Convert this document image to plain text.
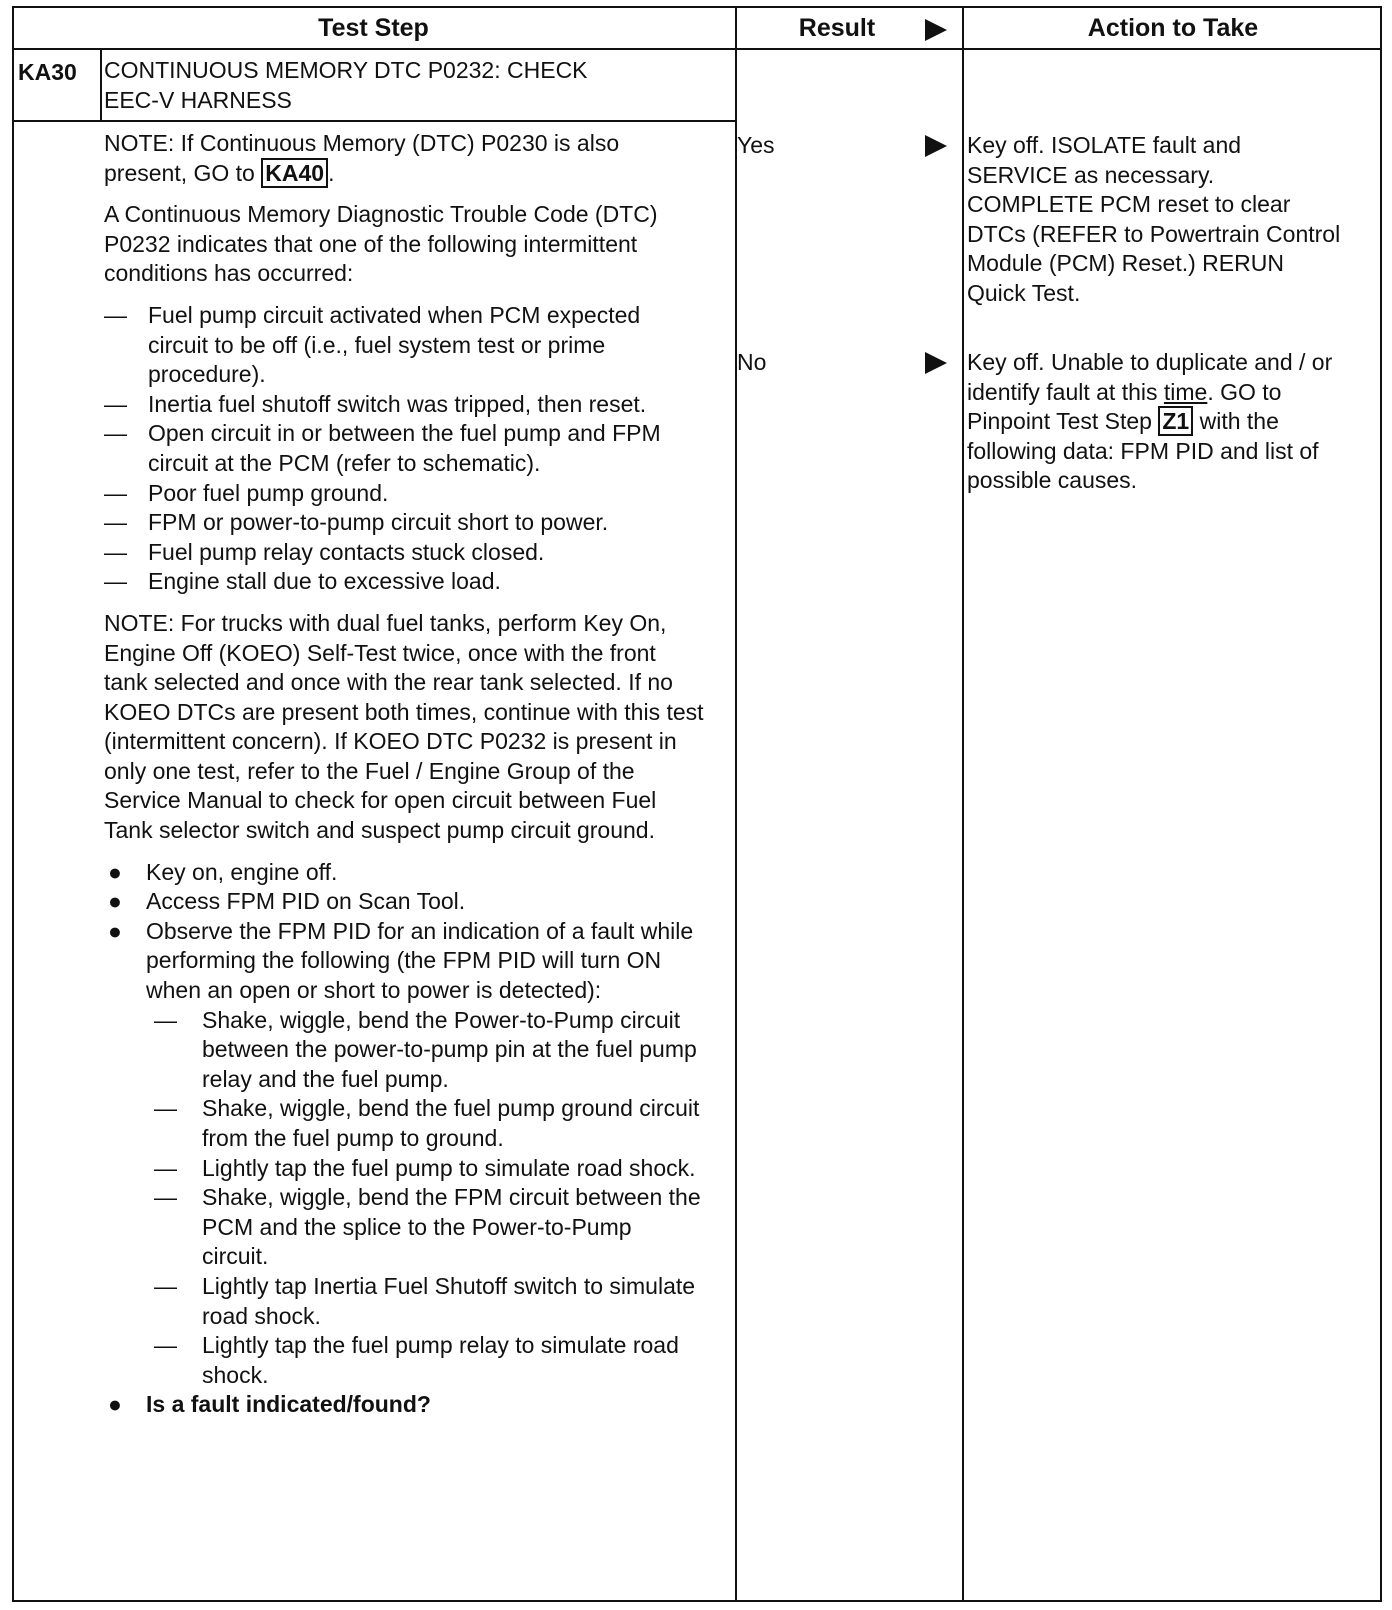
Test Step	Result	Action to Take
KA30 CONTINUOUS MEMORY DTC P0232: CHECK
EEC-V HARNESS

NOTE: If Continuous Memory (DTC) P0230 is also present, GO to KA40 .

A Continuous Memory Diagnostic Trouble Code (DTC) P0232 indicates that one of the following intermittent conditions has occurred:

— Fuel pump circuit activated when PCM expected circuit to be off (i.e., fuel system test or prime procedure).
— Inertia fuel shutoff switch was tripped, then reset.
— Open circuit in or between the fuel pump and FPM circuit at the PCM (refer to schematic).
— Poor fuel pump ground.
— FPM or power-to-pump circuit short to power.
— Fuel pump relay contacts stuck closed.
— Engine stall due to excessive load.

NOTE: For trucks with dual fuel tanks, perform Key On, Engine Off (KOEO) Self-Test twice, once with the front tank selected and once with the rear tank selected. If no KOEO DTCs are present both times, continue with this test (intermittent concern). If KOEO DTC P0232 is present in only one test, refer to the Fuel / Engine Group of the Service Manual to check for open circuit between Fuel Tank selector switch and suspect pump circuit ground.

● Key on, engine off.
● Access FPM PID on Scan Tool.
● Observe the FPM PID for an indication of a fault while performing the following (the FPM PID will turn ON when an open or short to power is detected):
— Shake, wiggle, bend the Power-to-Pump circuit between the power-to-pump pin at the fuel pump relay and the fuel pump.
— Shake, wiggle, bend the fuel pump ground circuit from the fuel pump to ground.
— Lightly tap the fuel pump to simulate road shock.
— Shake, wiggle, bend the FPM circuit between the PCM and the splice to the Power-to-Pump circuit.
— Lightly tap Inertia Fuel Shutoff switch to simulate road shock.
— Lightly tap the fuel pump relay to simulate road shock.
● Is a fault indicated/found?
Yes	Key off. ISOLATE fault and SERVICE as necessary. COMPLETE PCM reset to clear DTCs (REFER to Powertrain Control Module (PCM) Reset.) RERUN Quick Test.
No	Key off. Unable to duplicate and / or identify fault at this time. GO to Pinpoint Test Step Z1 with the following data: FPM PID and list of possible causes.
